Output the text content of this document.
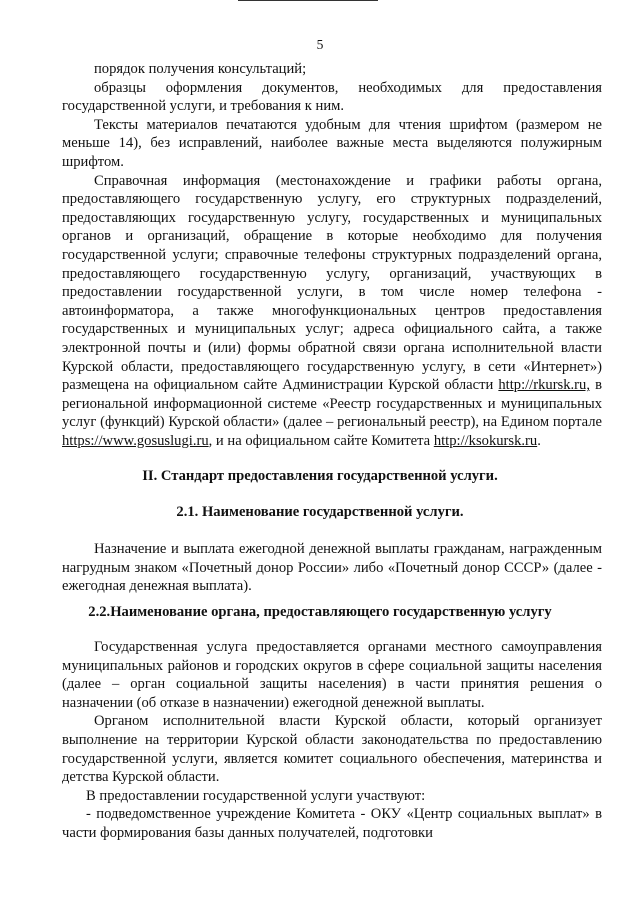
5

порядок получения консультаций;

образцы оформления документов, необходимых для предоставления государственной услуги, и требования к ним.

Тексты материалов печатаются удобным для чтения шрифтом (размером не меньше 14), без исправлений, наиболее важные места выделяются полужирным шрифтом.

Справочная информация (местонахождение и графики работы органа, предоставляющего государственную услугу, его структурных подразделений, предоставляющих государственную услугу, государственных и муниципальных органов и организаций, обращение в которые необходимо для получения государственной услуги; справочные телефоны структурных подразделений органа, предоставляющего государственную услугу, организаций, участвующих в предоставлении государственной услуги, в том числе номер телефона - автоинформатора, а также многофункциональных центров предоставления государственных и муниципальных услуг; адреса официального сайта, а также электронной почты и (или) формы обратной связи органа исполнительной власти Курской области, предоставляющего государственную услугу, в сети «Интернет») размещена на официальном сайте Администрации Курской области http://rkursk.ru, в региональной информационной системе «Реестр государственных и муниципальных услуг (функций) Курской области» (далее – региональный реестр), на Едином портале https://www.gosuslugi.ru, и на официальном сайте Комитета http://ksokursk.ru.

II. Стандарт предоставления государственной услуги.
2.1. Наименование государственной услуги.

Назначение и выплата ежегодной денежной выплаты гражданам, награжденным нагрудным знаком «Почетный донор России» либо «Почетный донор СССР» (далее - ежегодная денежная выплата).

2.2.Наименование органа, предоставляющего государственную услугу

Государственная услуга предоставляется органами местного самоуправления муниципальных районов и городских округов в сфере социальной защиты населения (далее – орган социальной защиты населения) в части принятия решения о назначении (об отказе в назначении) ежегодной денежной выплаты.

Органом исполнительной власти Курской области, который организует выполнение на территории Курской области законодательства по предоставлению государственной услуги, является комитет социального обеспечения, материнства и детства Курской области.

В предоставлении государственной услуги участвуют:

- подведомственное учреждение Комитета - ОКУ «Центр социальных выплат» в части формирования базы данных получателей, подготовки
